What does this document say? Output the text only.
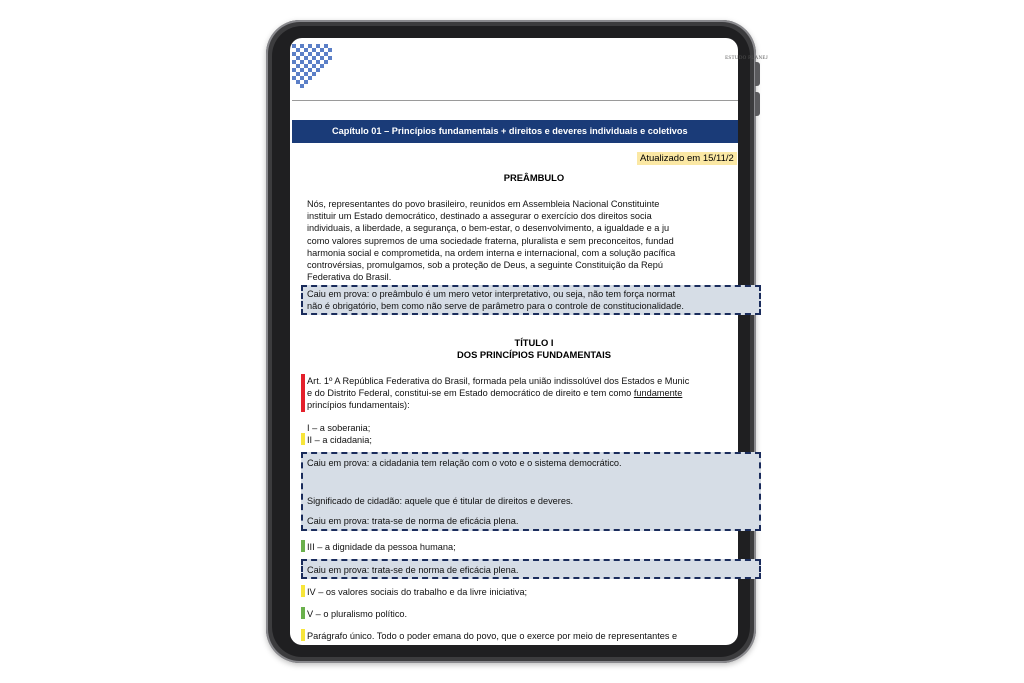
ESTUDO PLANEJ
Capítulo 01 – Princípios fundamentais + direitos e deveres individuais e coletivos
Atualizado em 15/11/2
PREÂMBULO
Nós, representantes do povo brasileiro, reunidos em Assembleia Nacional Constituinte
instituir um Estado democrático, destinado a assegurar o exercício dos direitos socia
individuais, a liberdade, a segurança, o bem-estar, o desenvolvimento, a igualdade e a ju
como valores supremos de uma sociedade fraterna, pluralista e sem preconceitos, fundad
harmonia social e comprometida, na ordem interna e internacional, com a solução pacífica
controvérsias, promulgamos, sob a proteção de Deus, a seguinte Constituição da Repú
Federativa do Brasil.
Caiu em prova: o preâmbulo é um mero vetor interpretativo, ou seja, não tem força normat
não é obrigatório, bem como não serve de parâmetro para o controle de constitucionalidade.
TÍTULO I
DOS PRINCÍPIOS FUNDAMENTAIS
Art. 1º A República Federativa do Brasil, formada pela união indissolúvel dos Estados e Munic
e do Distrito Federal, constitui-se em Estado democrático de direito e tem como fundamente
princípios fundamentais):
I – a soberania;
II – a cidadania;
Caiu em prova: a cidadania tem relação com o voto e o sistema democrático.
Significado de cidadão: aquele que é titular de direitos e deveres.
Caiu em prova: trata-se de norma de eficácia plena.
III – a dignidade da pessoa humana;
Caiu em prova: trata-se de norma de eficácia plena.
IV – os valores sociais do trabalho e da livre iniciativa;
V – o pluralismo político.
Parágrafo único. Todo o poder emana do povo, que o exerce por meio de representantes e
